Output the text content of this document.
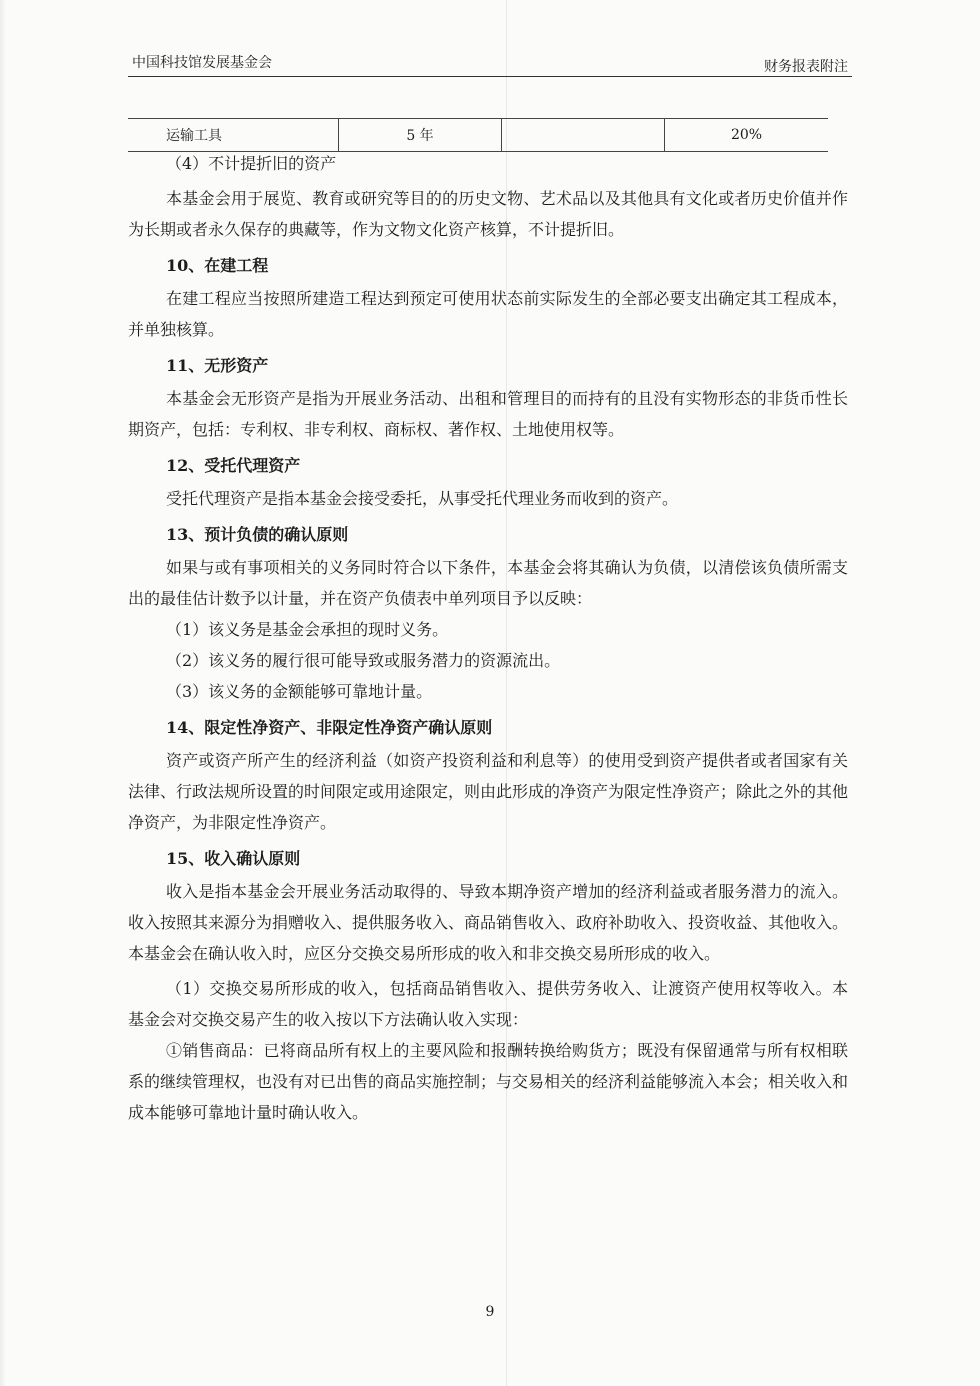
中国科技馆发展基金会	财务报表附注
运输工具	5 年		20%

（4）不计提折旧的资产

本基金会用于展览、教育或研究等目的的历史文物、艺术品以及其他具有文化或者历史价值并作为长期或者永久保存的典藏等，作为文物文化资产核算，不计提折旧。

10、在建工程

在建工程应当按照所建造工程达到预定可使用状态前实际发生的全部必要支出确定其工程成本，并单独核算。

11、无形资产

本基金会无形资产是指为开展业务活动、出租和管理目的而持有的且没有实物形态的非货币性长期资产，包括：专利权、非专利权、商标权、著作权、土地使用权等。

12、受托代理资产

受托代理资产是指本基金会接受委托，从事受托代理业务而收到的资产。

13、预计负债的确认原则

如果与或有事项相关的义务同时符合以下条件，本基金会将其确认为负债，以清偿该负债所需支出的最佳估计数予以计量，并在资产负债表中单列项目予以反映：

（1）该义务是基金会承担的现时义务。

（2）该义务的履行很可能导致或服务潜力的资源流出。

（3）该义务的金额能够可靠地计量。

14、限定性净资产、非限定性净资产确认原则

资产或资产所产生的经济利益（如资产投资利益和利息等）的使用受到资产提供者或者国家有关法律、行政法规所设置的时间限定或用途限定，则由此形成的净资产为限定性净资产；除此之外的其他净资产，为非限定性净资产。

15、收入确认原则

收入是指本基金会开展业务活动取得的、导致本期净资产增加的经济利益或者服务潜力的流入。收入按照其来源分为捐赠收入、提供服务收入、商品销售收入、政府补助收入、投资收益、其他收入。本基金会在确认收入时，应区分交换交易所形成的收入和非交换交易所形成的收入。

（1）交换交易所形成的收入，包括商品销售收入、提供劳务收入、让渡资产使用权等收入。本基金会对交换交易产生的收入按以下方法确认收入实现：

①销售商品：已将商品所有权上的主要风险和报酬转换给购货方；既没有保留通常与所有权相联系的继续管理权，也没有对已出售的商品实施控制；与交易相关的经济利益能够流入本会；相关收入和成本能够可靠地计量时确认收入。

9
